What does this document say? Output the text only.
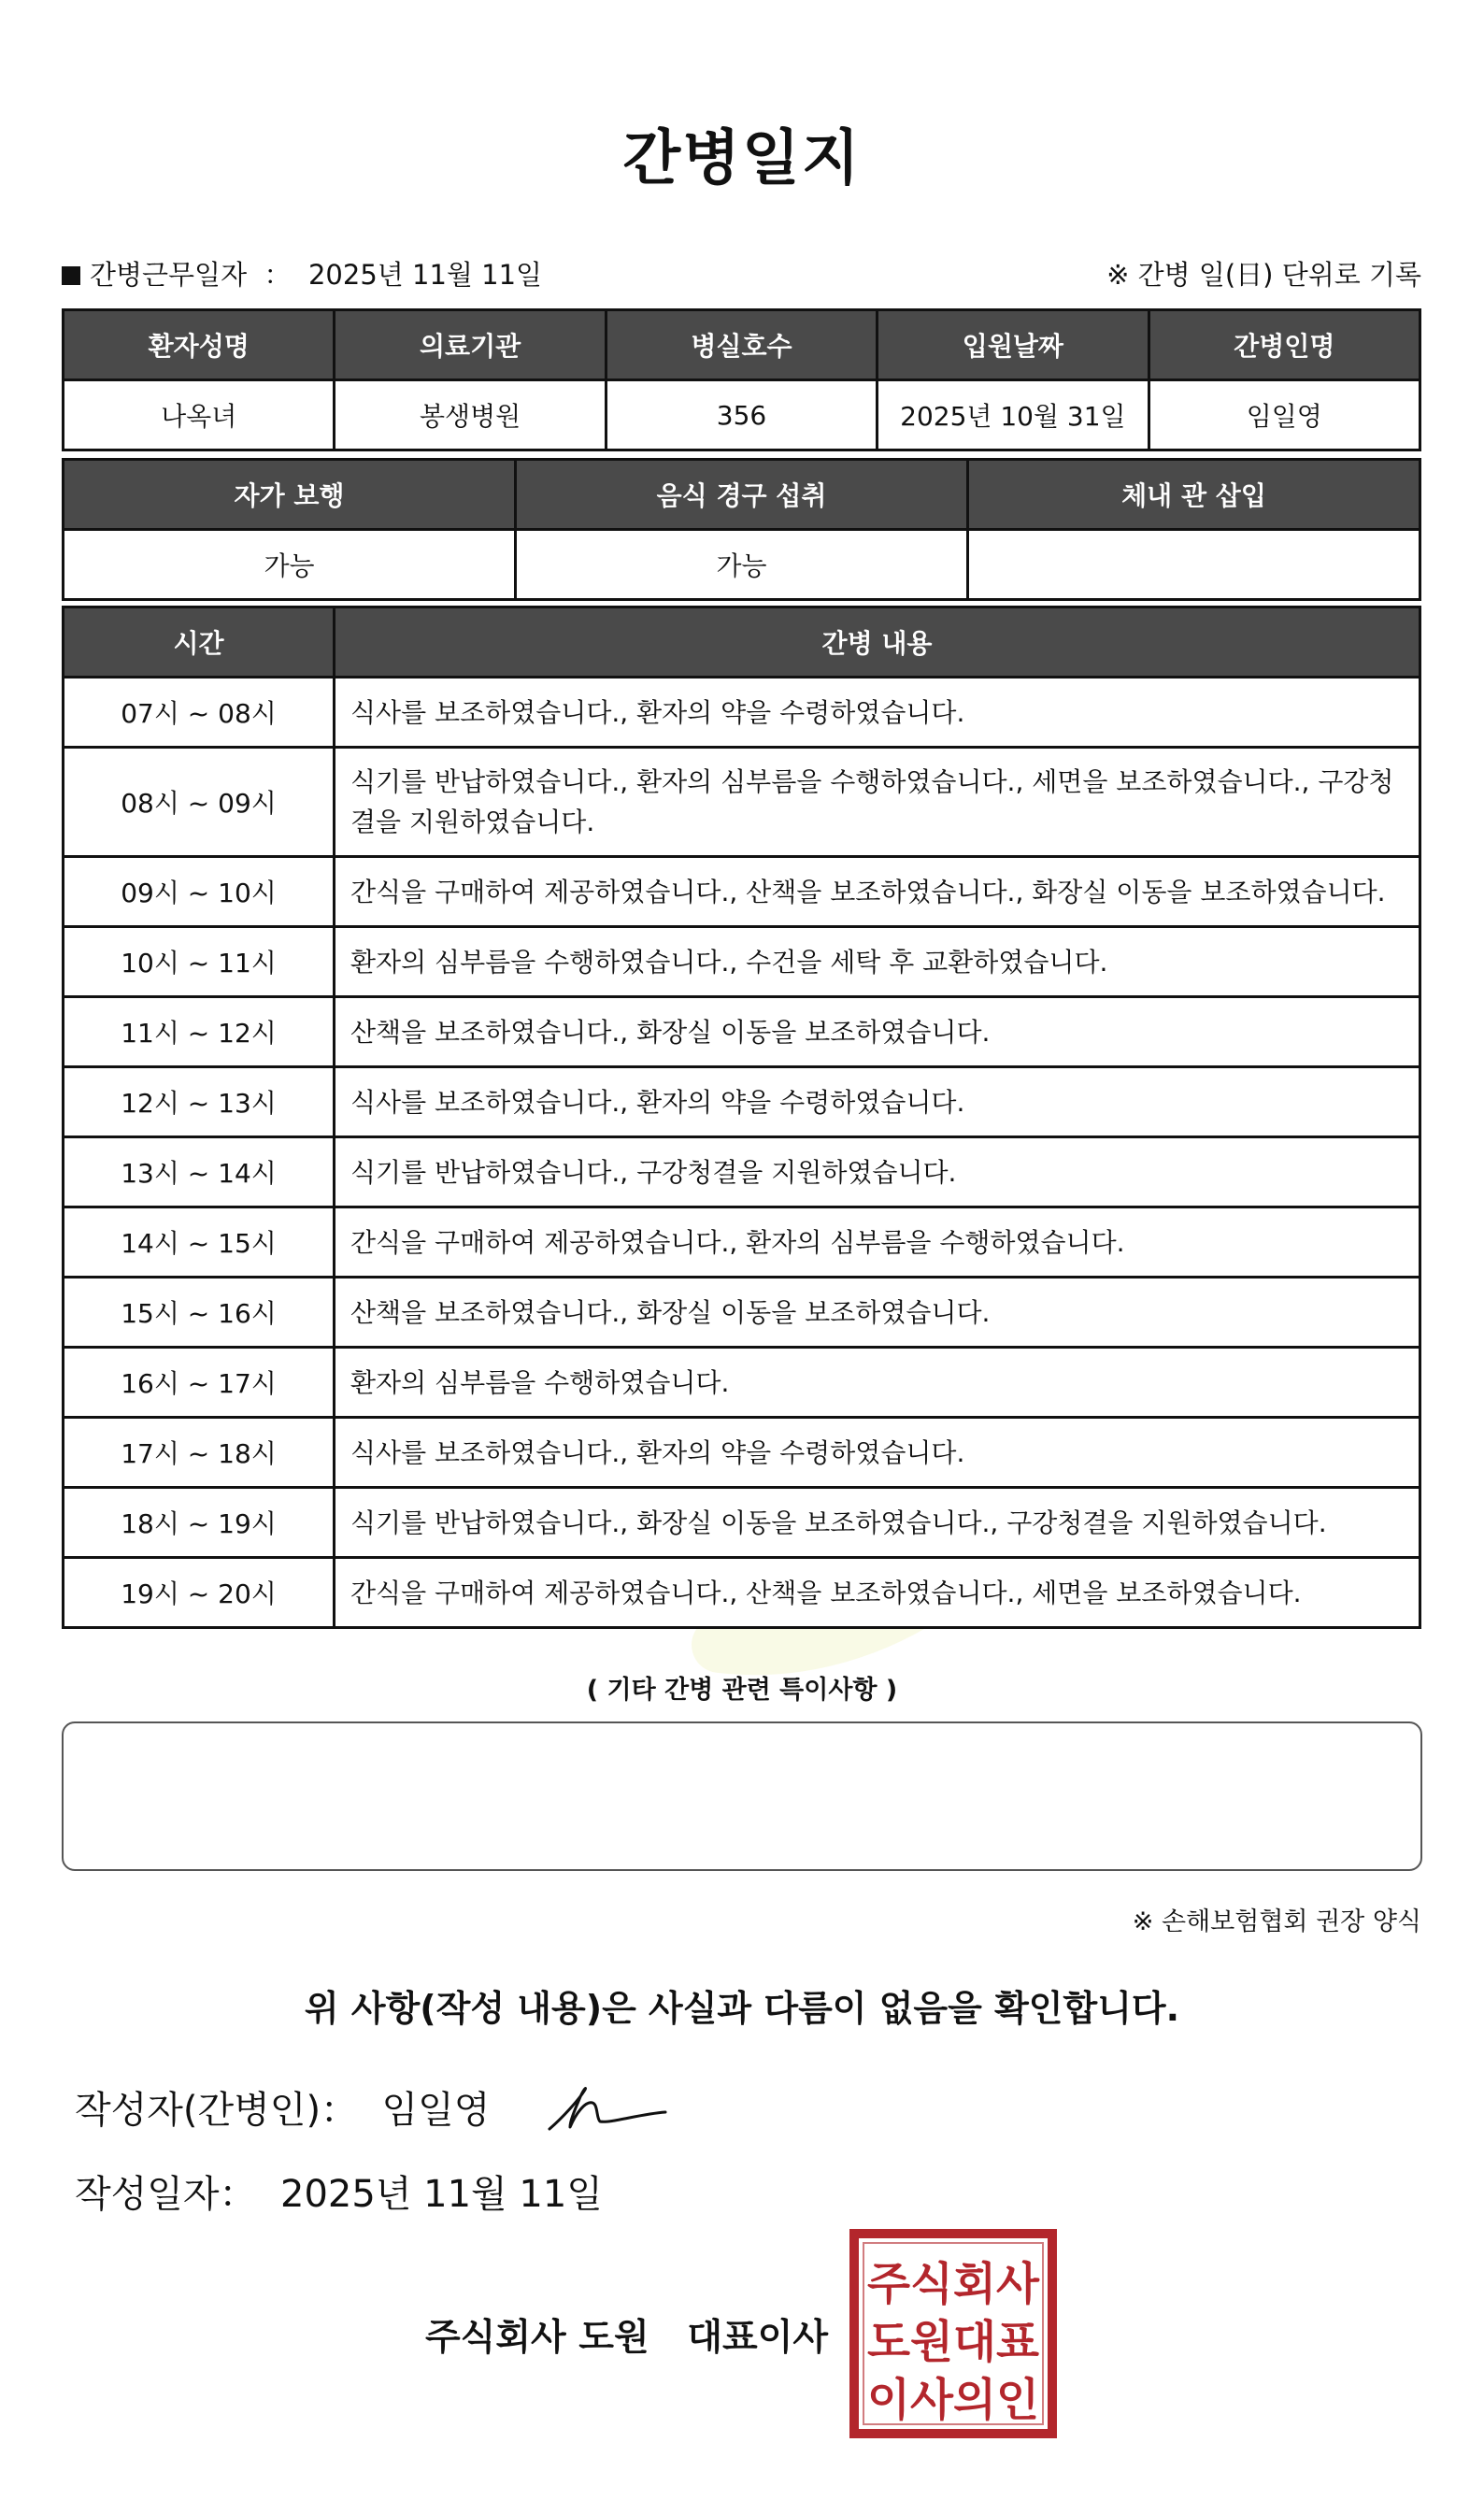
간병일지
간병근무일자 ： 2025년 11월 11일	※ 간병 일(日) 단위로 기록
환자성명	의료기관	병실호수	입원날짜	간병인명
나옥녀	봉생병원	356	2025년 10월 31일	임일영
자가 보행	음식 경구 섭취	체내 관 삽입
가능	가능	
시간	간병 내용
07시 ~ 08시	식사를 보조하였습니다., 환자의 약을 수령하였습니다.
08시 ~ 09시	식기를 반납하였습니다., 환자의 심부름을 수행하였습니다., 세면을 보조하였습니다., 구강청결을 지원하였습니다.
09시 ~ 10시	간식을 구매하여 제공하였습니다., 산책을 보조하였습니다., 화장실 이동을 보조하였습니다.
10시 ~ 11시	환자의 심부름을 수행하였습니다., 수건을 세탁 후 교환하였습니다.
11시 ~ 12시	산책을 보조하였습니다., 화장실 이동을 보조하였습니다.
12시 ~ 13시	식사를 보조하였습니다., 환자의 약을 수령하였습니다.
13시 ~ 14시	식기를 반납하였습니다., 구강청결을 지원하였습니다.
14시 ~ 15시	간식을 구매하여 제공하였습니다., 환자의 심부름을 수행하였습니다.
15시 ~ 16시	산책을 보조하였습니다., 화장실 이동을 보조하였습니다.
16시 ~ 17시	환자의 심부름을 수행하였습니다.
17시 ~ 18시	식사를 보조하였습니다., 환자의 약을 수령하였습니다.
18시 ~ 19시	식기를 반납하였습니다., 화장실 이동을 보조하였습니다., 구강청결을 지원하였습니다.
19시 ~ 20시	간식을 구매하여 제공하였습니다., 산책을 보조하였습니다., 세면을 보조하였습니다.
( 기타 간병 관련 특이사항 )
※ 손해보험협회 권장 양식
위 사항(작성 내용)은 사실과 다름이 없음을 확인합니다.
작성자(간병인)： 임일영
작성일자： 2025년 11월 11일
주식회사 도원   대표이사
주식회사
도원대표
이사의인
